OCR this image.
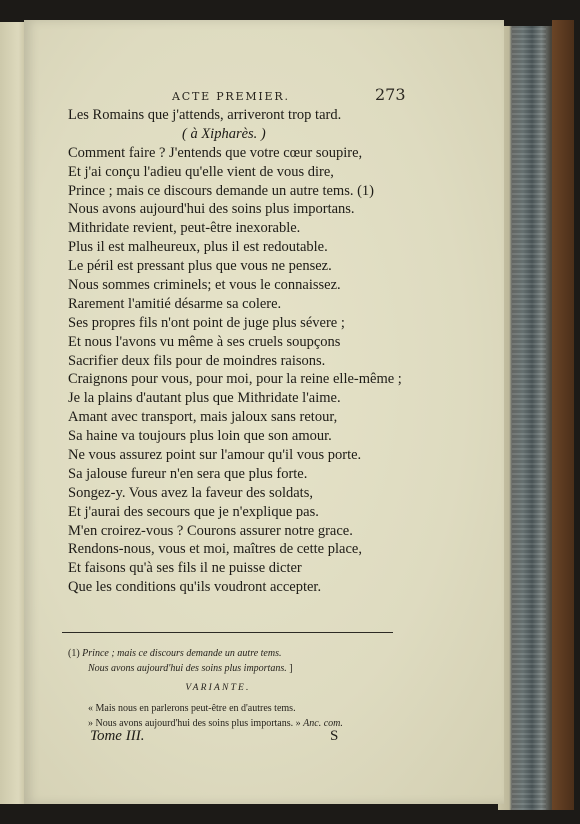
ACTE PREMIER.	273
Les Romains que j'attends, arriveront trop tard.
( à Xipharès. )
Comment faire ? J'entends que votre cœur soupire,
Et j'ai conçu l'adieu qu'elle vient de vous dire,
Prince ; mais ce discours demande un autre tems. (1)
Nous avons aujourd'hui des soins plus importans.
Mithridate revient, peut-être inexorable.
Plus il est malheureux, plus il est redoutable.
Le péril est pressant plus que vous ne pensez.
Nous sommes criminels; et vous le connaissez.
Rarement l'amitié désarme sa colere.
Ses propres fils n'ont point de juge plus sévere ;
Et nous l'avons vu même à ses cruels soupçons
Sacrifier deux fils pour de moindres raisons.
Craignons pour vous, pour moi, pour la reine elle-même ;
Je la plains d'autant plus que Mithridate l'aime.
Amant avec transport, mais jaloux sans retour,
Sa haine va toujours plus loin que son amour.
Ne vous assurez point sur l'amour qu'il vous porte.
Sa jalouse fureur n'en sera que plus forte.
Songez-y. Vous avez la faveur des soldats,
Et j'aurai des secours que je n'explique pas.
M'en croirez-vous ? Courons assurer notre grace.
Rendons-nous, vous et moi, maîtres de cette place,
Et faisons qu'à ses fils il ne puisse dicter
Que les conditions qu'ils voudront accepter.
(1) Prince ; mais ce discours demande un autre tems.
Nous avons aujourd'hui des soins plus importans. ]
VARIANTE.
« Mais nous en parlerons peut-être en d'autres tems.
» Nous avons aujourd'hui des soins plus importans. » Anc. com.
Tome III.	S
